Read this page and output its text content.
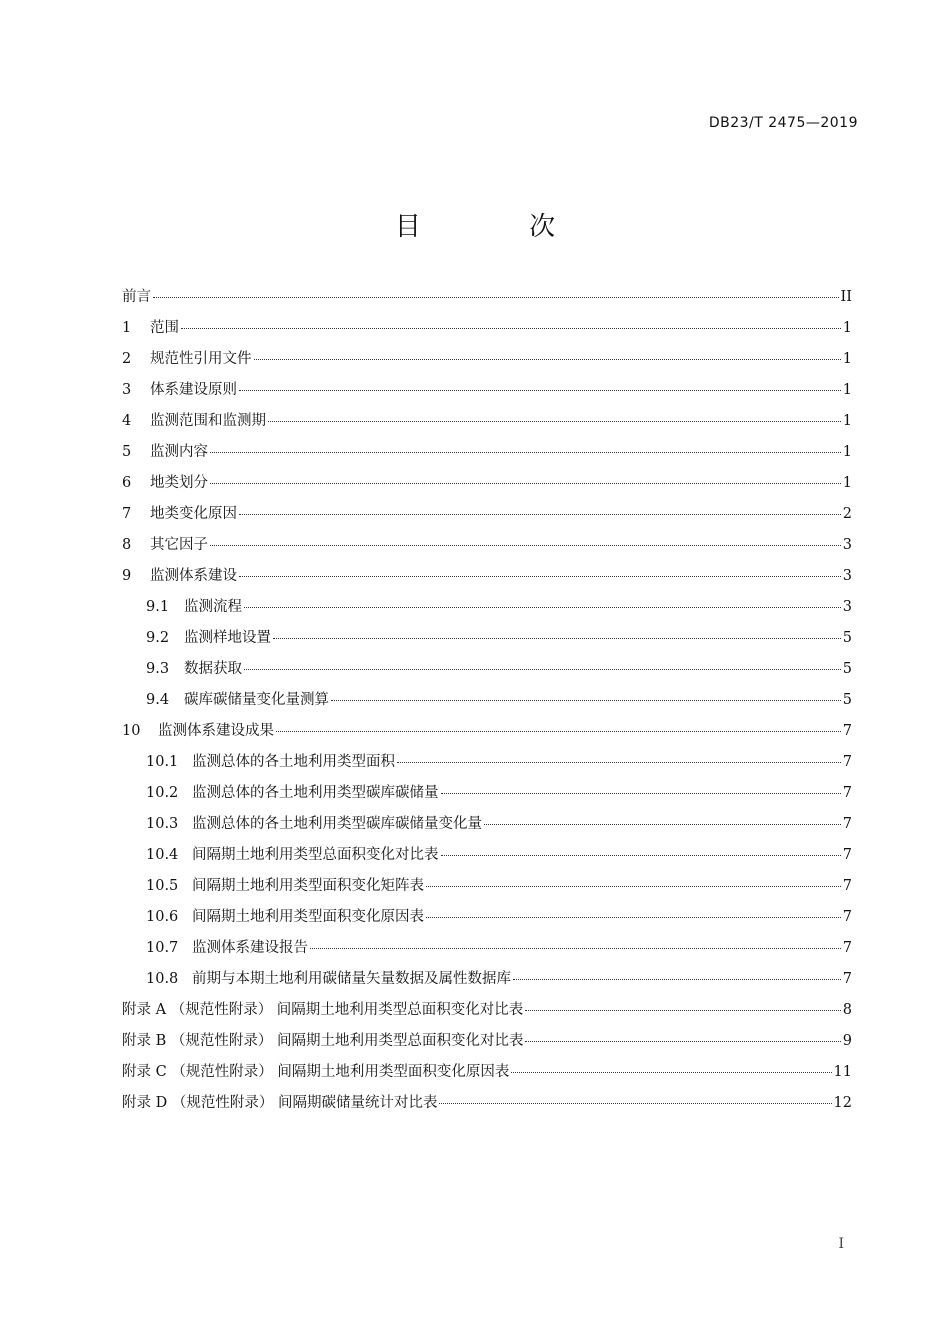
DB23/T 2475—2019
目 次
前言	II
1 范围	1
2 规范性引用文件	1
3 体系建设原则	1
4 监测范围和监测期	1
5 监测内容	1
6 地类划分	1
7 地类变化原因	2
8 其它因子	3
9 监测体系建设	3
9.1 监测流程	3
9.2 监测样地设置	5
9.3 数据获取	5
9.4 碳库碳储量变化量测算	5
10 监测体系建设成果	7
10.1 监测总体的各土地利用类型面积	7
10.2 监测总体的各土地利用类型碳库碳储量	7
10.3 监测总体的各土地利用类型碳库碳储量变化量	7
10.4 间隔期土地利用类型总面积变化对比表	7
10.5 间隔期土地利用类型面积变化矩阵表	7
10.6 间隔期土地利用类型面积变化原因表	7
10.7 监测体系建设报告	7
10.8 前期与本期土地利用碳储量矢量数据及属性数据库	7
附录 A （规范性附录） 间隔期土地利用类型总面积变化对比表	8
附录 B （规范性附录） 间隔期土地利用类型总面积变化对比表	9
附录 C （规范性附录） 间隔期土地利用类型面积变化原因表	11
附录 D （规范性附录） 间隔期碳储量统计对比表	12
I
